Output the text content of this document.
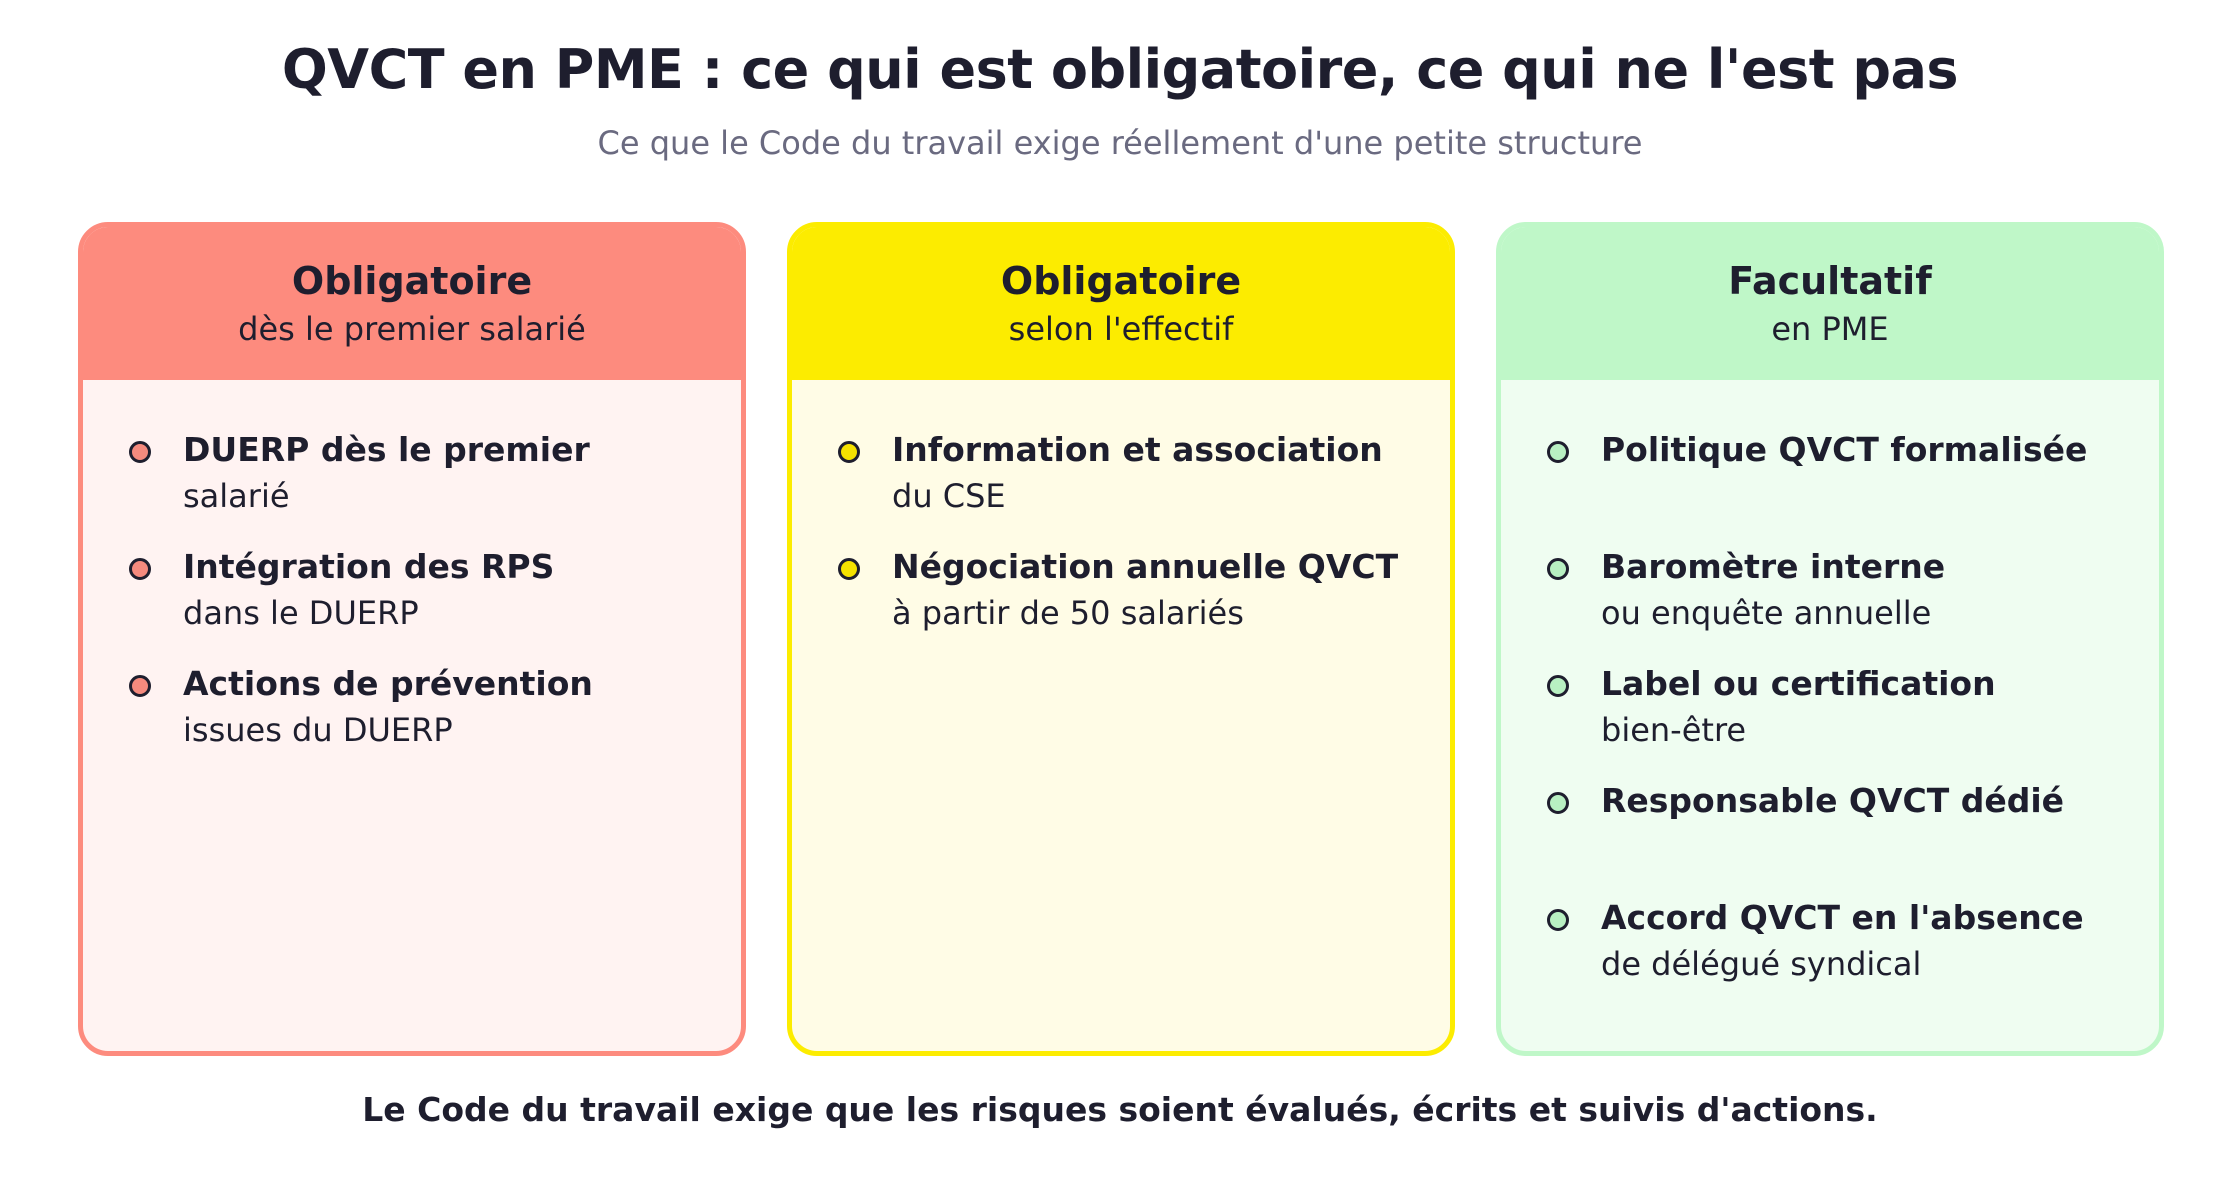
QVCT en PME : ce qui est obligatoire, ce qui ne l'est pas
Ce que le Code du travail exige réellement d'une petite structure
Obligatoire
dès le premier salarié
DUERP dès le premier
salarié
Intégration des RPS
dans le DUERP
Actions de prévention
issues du DUERP
Obligatoire
selon l'effectif
Information et association
du CSE
Négociation annuelle QVCT
à partir de 50 salariés
Facultatif
en PME
Politique QVCT formalisée
Baromètre interne
ou enquête annuelle
Label ou certification
bien-être
Responsable QVCT dédié
Accord QVCT en l'absence
de délégué syndical
Le Code du travail exige que les risques soient évalués, écrits et suivis d'actions.
